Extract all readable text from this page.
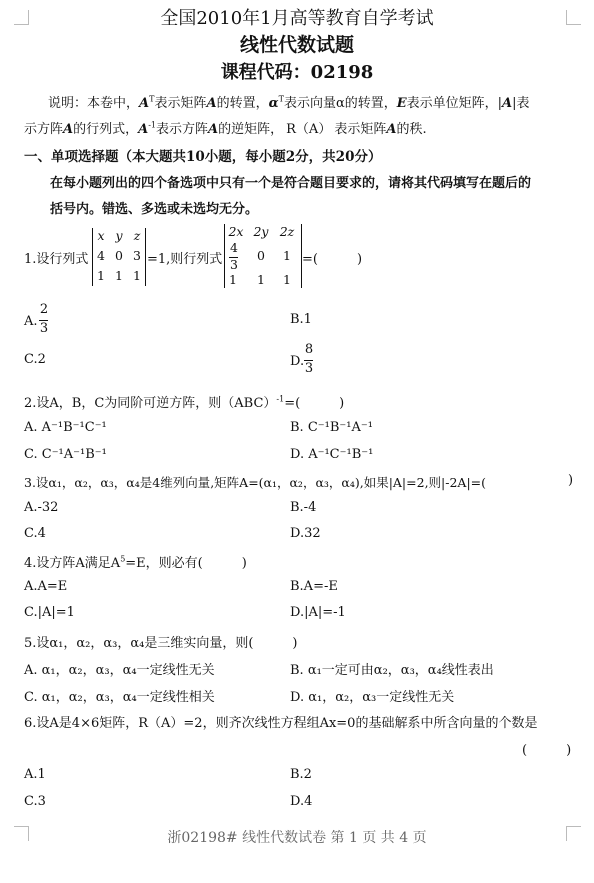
全国2010年1月高等教育自学考试
线性代数试题
课程代码：02198
说明：本卷中，$A^T$表示矩阵A的转置，$\alpha^T$表示向量α的转置，E表示单位矩阵，|A|表
示方阵A的行列式，$A^{-1}$表示方阵A的逆矩阵， R（A） 表示矩阵A的秩.
一、单项选择题（本大题共10小题，每小题2分，共20分）
在每小题列出的四个备选项中只有一个是符合题目要求的，请将其代码填写在题后的
括号内。错选、多选或未选均无分。
1.设行列式
x y z
4 0 3
1 1 1
=1,则行列式
2x 2y 2z
4
3
0 1
1 1 1
=(　　　)
A.
2
3
B.1
C.2	D.
8
3
2.设A，B，C为同阶可逆方阵，则（ABC）$^{-1}$=(　　　)
A. A⁻¹B⁻¹C⁻¹	B. C⁻¹B⁻¹A⁻¹
C. C⁻¹A⁻¹B⁻¹	D. A⁻¹C⁻¹B⁻¹
3.设α₁，α₂，α₃，α₄是4维列向量,矩阵A=(α₁，α₂，α₃，α₄),如果|A|=2,则|-2A|=(	)
A.-32	B.-4
C.4	D.32
4.设方阵A满足$A^5=E$，则必有(　　　)
A.A=E	B.A=-E
C.|A|=1	D.|A|=-1
5.设α₁，α₂，α₃，α₄是三维实向量，则(　　　)
A. α₁，α₂，α₃，α₄一定线性无关	B. α₁一定可由α₂，α₃，α₄线性表出
C. α₁，α₂，α₃，α₄一定线性相关	D. α₁，α₂，α₃一定线性无关
6.设A是4×6矩阵，R（A）=2，则齐次线性方程组Ax=0的基础解系中所含向量的个数是
(　　　)
A.1	B.2
C.3	D.4
浙02198# 线性代数试卷 第 1 页 共 4 页
